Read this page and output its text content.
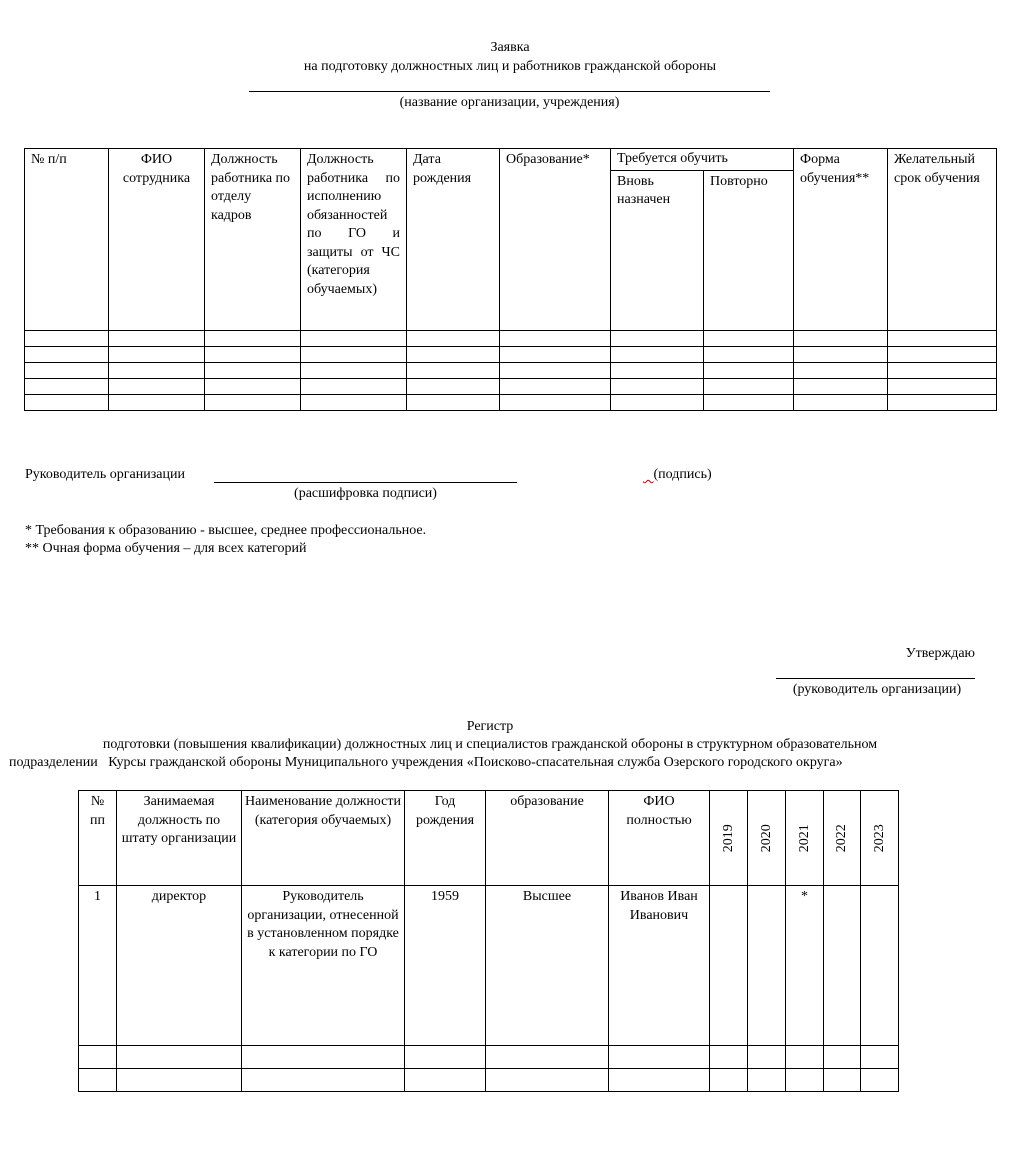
Заявка
на подготовку должностных лиц и работников гражданской обороны
(название организации, учреждения)
№ п/п	ФИО сотрудника	Должность работника по отделу кадров	Должность работника по исполнению обязанностей по ГО и защиты от ЧС (категория обучаемых)	Дата рождения	Образование*	Требуется обучить		Форма обучения**	Желательный срок обучения
						Вновь назначен	Повторно		

Руководитель организации
(расшифровка подписи)
(подпись)
* Требования к образованию - высшее, среднее профессиональное.
** Очная форма обучения – для всех категорий
Утверждаю
(руководитель организации)
Регистр
подготовки (повышения квалификации) должностных лиц и специалистов гражданской обороны в структурном образовательном
подразделении   Курсы гражданской обороны Муниципального учреждения «Поисково-спасательная служба Озерского городского округа»
№ пп	Занимаемая должность по штату организации	Наименование должности (категория обучаемых)	Год рождения	образование	ФИО полностью	2019	2020	2021	2022	2023
1	директор	Руководитель организации, отнесенной в установленном порядке к категории по ГО	1959	Высшее	Иванов Иван Иванович			*		
